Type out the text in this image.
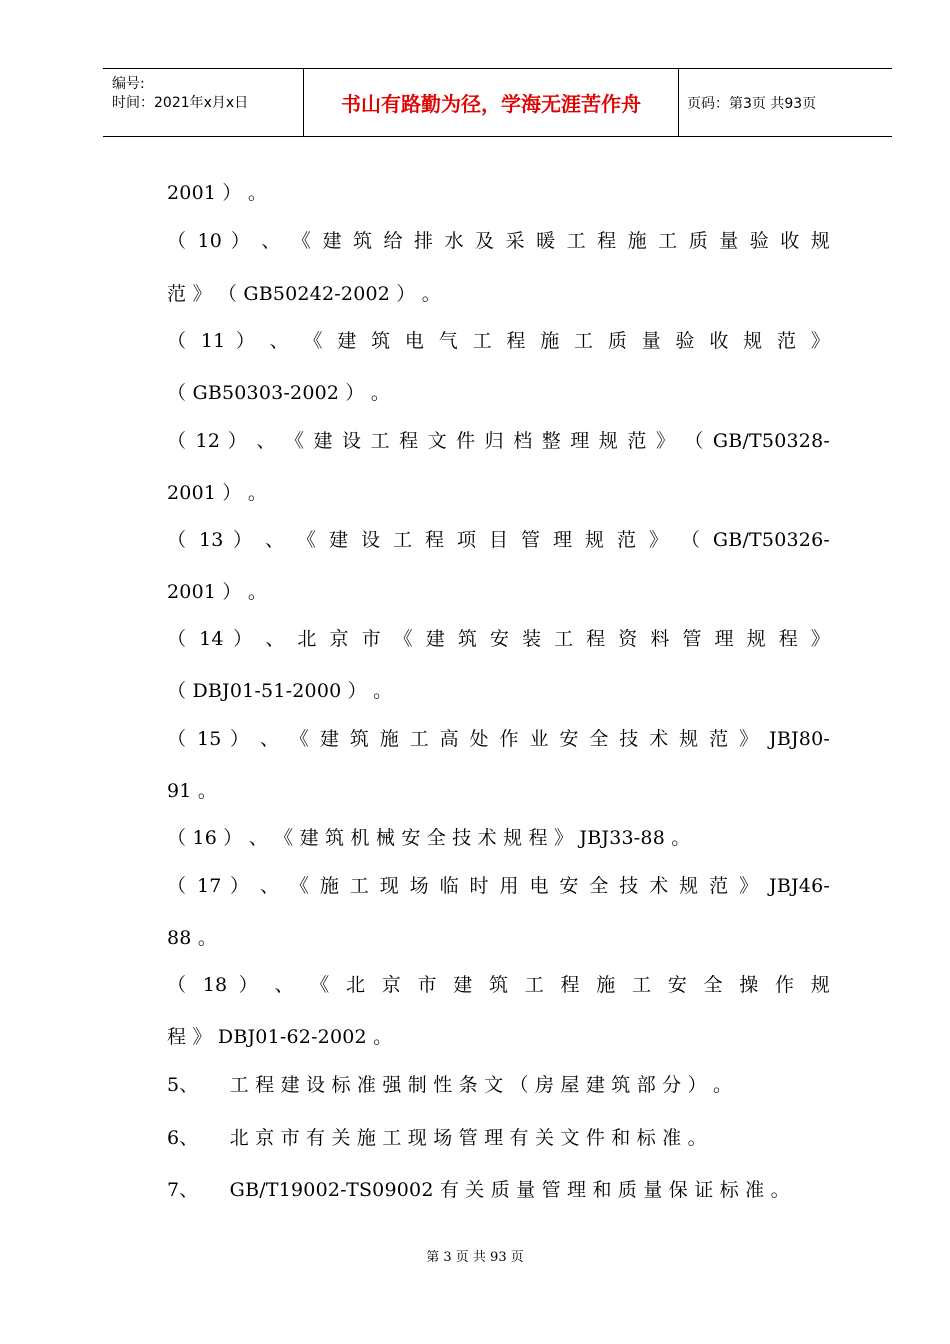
编号:
时间：2021年x月x日	书山有路勤为径，学海无涯苦作舟	页码：第3页 共93页
2001 ） 。
（ 10 ） 、 《 建 筑 给 排 水 及 采 暖 工 程 施 工 质 量 验 收 规
范 》 （ GB50242-2002 ） 。
（ 11 ） 、 《 建 筑 电 气 工 程 施 工 质 量 验 收 规 范 》
（ GB50303-2002 ） 。
（ 12 ） 、 《 建 设 工 程 文 件 归 档 整 理 规 范 》 （ GB/T50328-
2001 ） 。
（ 13 ） 、 《 建 设 工 程 项 目 管 理 规 范 》 （ GB/T50326-
2001 ） 。
（ 14 ） 、 北 京 市 《 建 筑 安 装 工 程 资 料 管 理 规 程 》
（ DBJ01-51-2000 ） 。
（ 15 ） 、 《 建 筑 施 工 高 处 作 业 安 全 技 术 规 范 》 JBJ80-
91 。
（ 16 ） 、 《 建 筑 机 械 安 全 技 术 规 程 》 JBJ33-88 。
（ 17 ） 、 《 施 工 现 场 临 时 用 电 安 全 技 术 规 范 》 JBJ46-
88 。
（ 18 ） 、 《 北 京 市 建 筑 工 程 施 工 安 全 操 作 规
程 》 DBJ01-62-2002 。
5、     工 程 建 设 标 准 强 制 性 条 文 （ 房 屋 建 筑 部 分 ） 。
6、     北 京 市 有 关 施 工 现 场 管 理 有 关 文 件 和 标 准 。
7、     GB/T19002-TS09002 有 关 质 量 管 理 和 质 量 保 证 标 准 。
第 3 页 共 93 页
